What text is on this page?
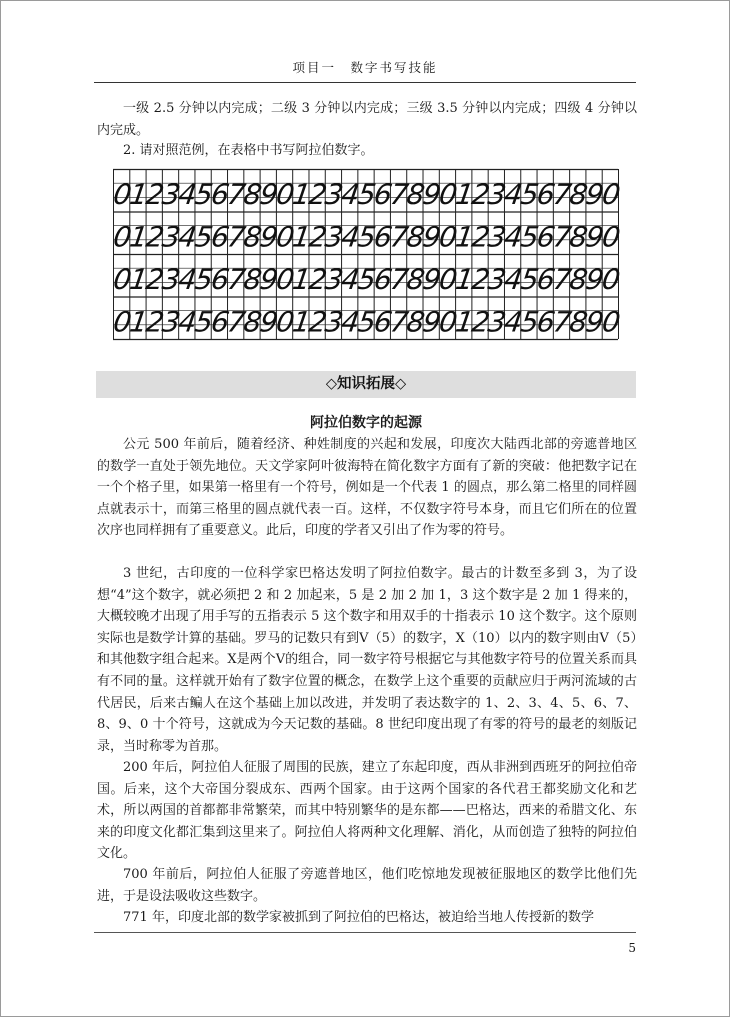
项目一　数字书写技能

一级 2.5 分钟以内完成；二级 3 分钟以内完成；三级 3.5 分钟以内完成；四级 4 分钟以内完成。

2. 请对照范例，在表格中书写阿拉伯数字。

0
1
2
3
4
5
6
7
8
9
0
1
2
3
4
5
6
7
8
9
0
1
2
3
4
5
6
7
8
9
0
0
1
2
3
4
5
6
7
8
9
0
1
2
3
4
5
6
7
8
9
0
1
2
3
4
5
6
7
8
9
0
0
1
2
3
4
5
6
7
8
9
0
1
2
3
4
5
6
7
8
9
0
1
2
3
4
5
6
7
8
9
0
0
1
2
3
4
5
6
7
8
9
0
1
2
3
4
5
6
7
8
9
0
1
2
3
4
5
6
7
8
9
0
◇知识拓展◇
阿拉伯数字的起源

公元 500 年前后，随着经济、种姓制度的兴起和发展，印度次大陆西北部的旁遮普地区的数学一直处于领先地位。天文学家阿叶彼海特在简化数字方面有了新的突破：他把数字记在一个个格子里，如果第一格里有一个符号，例如是一个代表 1 的圆点，那么第二格里的同样圆点就表示十，而第三格里的圆点就代表一百。这样，不仅数字符号本身，而且它们所在的位置次序也同样拥有了重要意义。此后，印度的学者又引出了作为零的符号。

3 世纪，古印度的一位科学家巴格达发明了阿拉伯数字。最古的计数至多到 3，为了设想“4”这个数字，就必须把 2 和 2 加起来，5 是 2 加 2 加 1，3 这个数字是 2 加 1 得来的，大概较晚才出现了用手写的五指表示 5 这个数字和用双手的十指表示 10 这个数字。这个原则实际也是数学计算的基础。罗马的记数只有到Ⅴ（5）的数字，Ⅹ（10）以内的数字则由Ⅴ（5）和其他数字组合起来。Ⅹ是两个Ⅴ的组合，同一数字符号根据它与其他数字符号的位置关系而具有不同的量。这样就开始有了数字位置的概念，在数学上这个重要的贡献应归于两河流域的古代居民，后来古鳊人在这个基础上加以改进，并发明了表达数字的 1、2、3、4、5、6、7、8、9、0 十个符号，这就成为今天记数的基础。8 世纪印度出现了有零的符号的最老的刻版记录，当时称零为首那。

200 年后，阿拉伯人征服了周围的民族，建立了东起印度，西从非洲到西班牙的阿拉伯帝国。后来，这个大帝国分裂成东、西两个国家。由于这两个国家的各代君王都奖励文化和艺术，所以两国的首都都非常繁荣，而其中特别繁华的是东都——巴格达，西来的希腊文化、东来的印度文化都汇集到这里来了。阿拉伯人将两种文化理解、消化，从而创造了独特的阿拉伯文化。

700 年前后，阿拉伯人征服了旁遮普地区，他们吃惊地发现被征服地区的数学比他们先进，于是设法吸收这些数字。

771 年，印度北部的数学家被抓到了阿拉伯的巴格达，被迫给当地人传授新的数学

5
